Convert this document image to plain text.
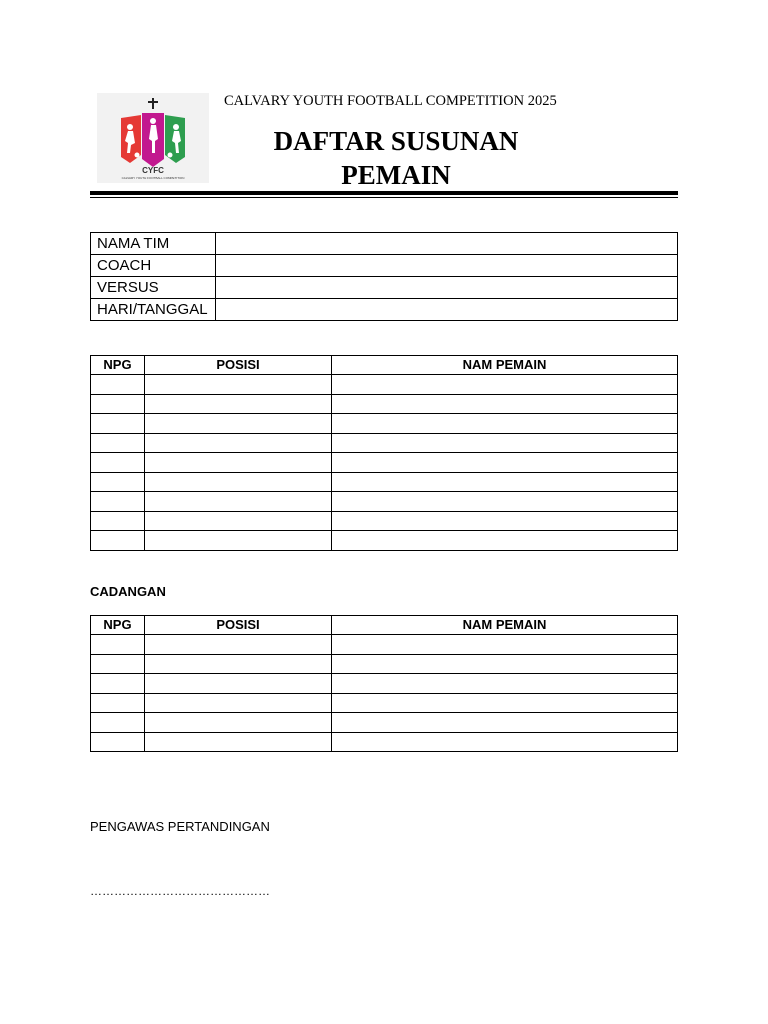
CYFC
CALVARY YOUTH FOOTBALL COMPETITION
CALVARY YOUTH FOOTBALL COMPETITION 2025
DAFTAR SUSUNAN
PEMAIN
NAMA TIM	
COACH	
VERSUS	
HARI/TANGGAL	
NPG	POSISI	NAM PEMAIN

CADANGAN
NPG	POSISI	NAM PEMAIN

PENGAWAS PERTANDINGAN
………………………………………
